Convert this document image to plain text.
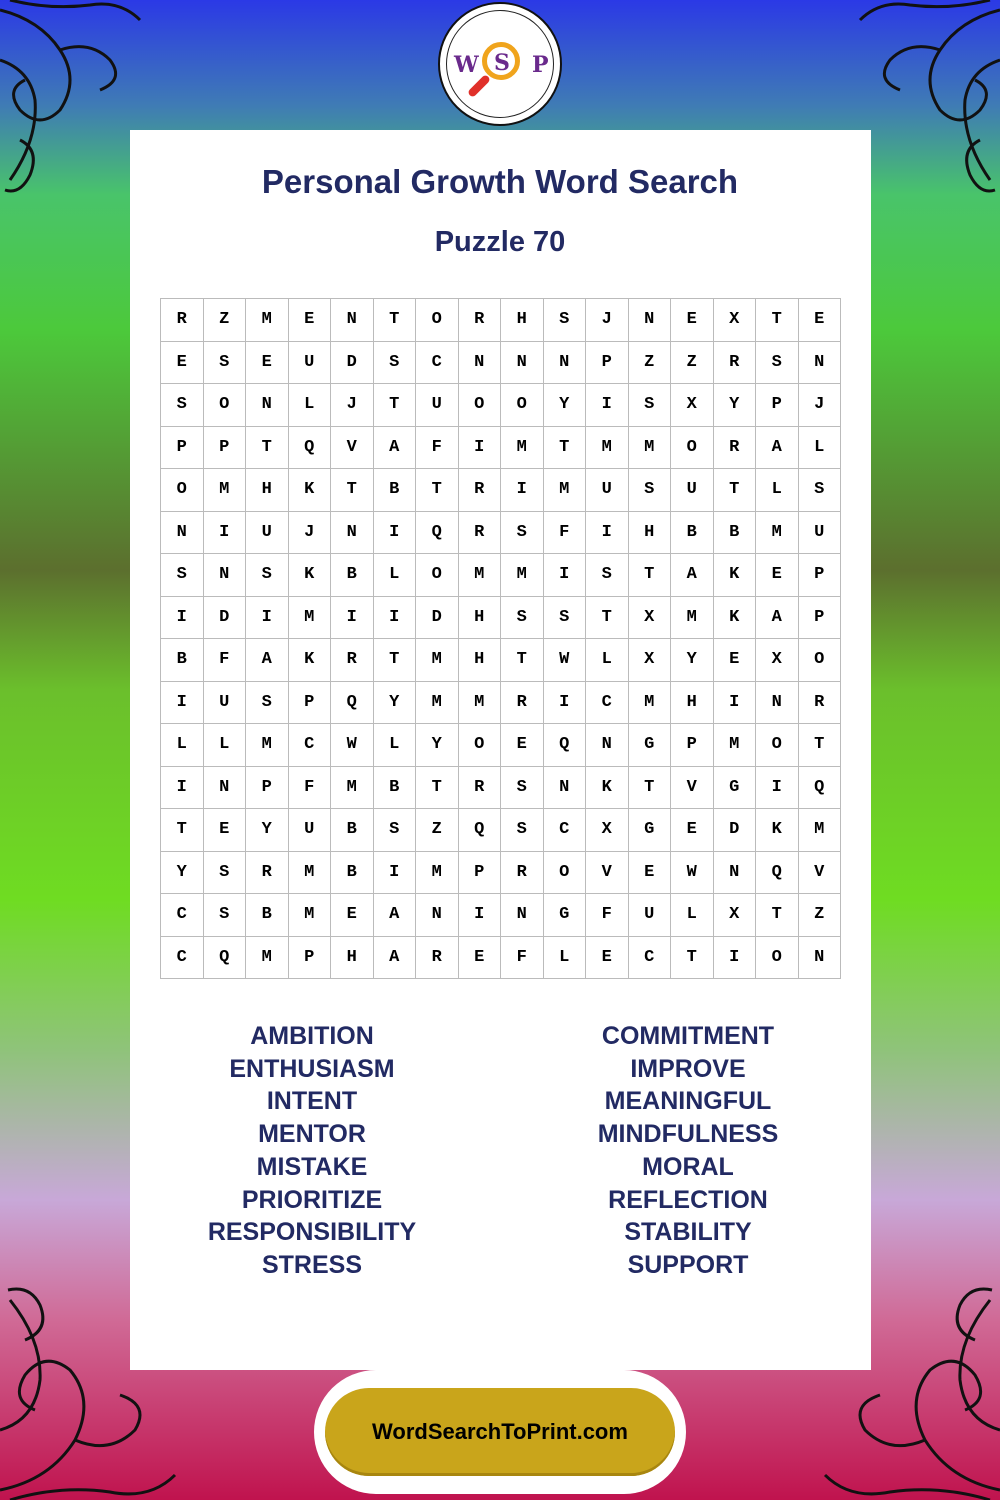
W S P
Personal Growth Word Search
Puzzle 70
R	Z	M	E	N	T	O	R	H	S	J	N	E	X	T	E
E	S	E	U	D	S	C	N	N	N	P	Z	Z	R	S	N
S	O	N	L	J	T	U	O	O	Y	I	S	X	Y	P	J
P	P	T	Q	V	A	F	I	M	T	M	M	O	R	A	L
O	M	H	K	T	B	T	R	I	M	U	S	U	T	L	S
N	I	U	J	N	I	Q	R	S	F	I	H	B	B	M	U
S	N	S	K	B	L	O	M	M	I	S	T	A	K	E	P
I	D	I	M	I	I	D	H	S	S	T	X	M	K	A	P
B	F	A	K	R	T	M	H	T	W	L	X	Y	E	X	O
I	U	S	P	Q	Y	M	M	R	I	C	M	H	I	N	R
L	L	M	C	W	L	Y	O	E	Q	N	G	P	M	O	T
I	N	P	F	M	B	T	R	S	N	K	T	V	G	I	Q
T	E	Y	U	B	S	Z	Q	S	C	X	G	E	D	K	M
Y	S	R	M	B	I	M	P	R	O	V	E	W	N	Q	V
C	S	B	M	E	A	N	I	N	G	F	U	L	X	T	Z
C	Q	M	P	H	A	R	E	F	L	E	C	T	I	O	N
AMBITION
ENTHUSIASM
INTENT
MENTOR
MISTAKE
PRIORITIZE
RESPONSIBILITY
STRESS
COMMITMENT
IMPROVE
MEANINGFUL
MINDFULNESS
MORAL
REFLECTION
STABILITY
SUPPORT
WordSearchToPrint.com
